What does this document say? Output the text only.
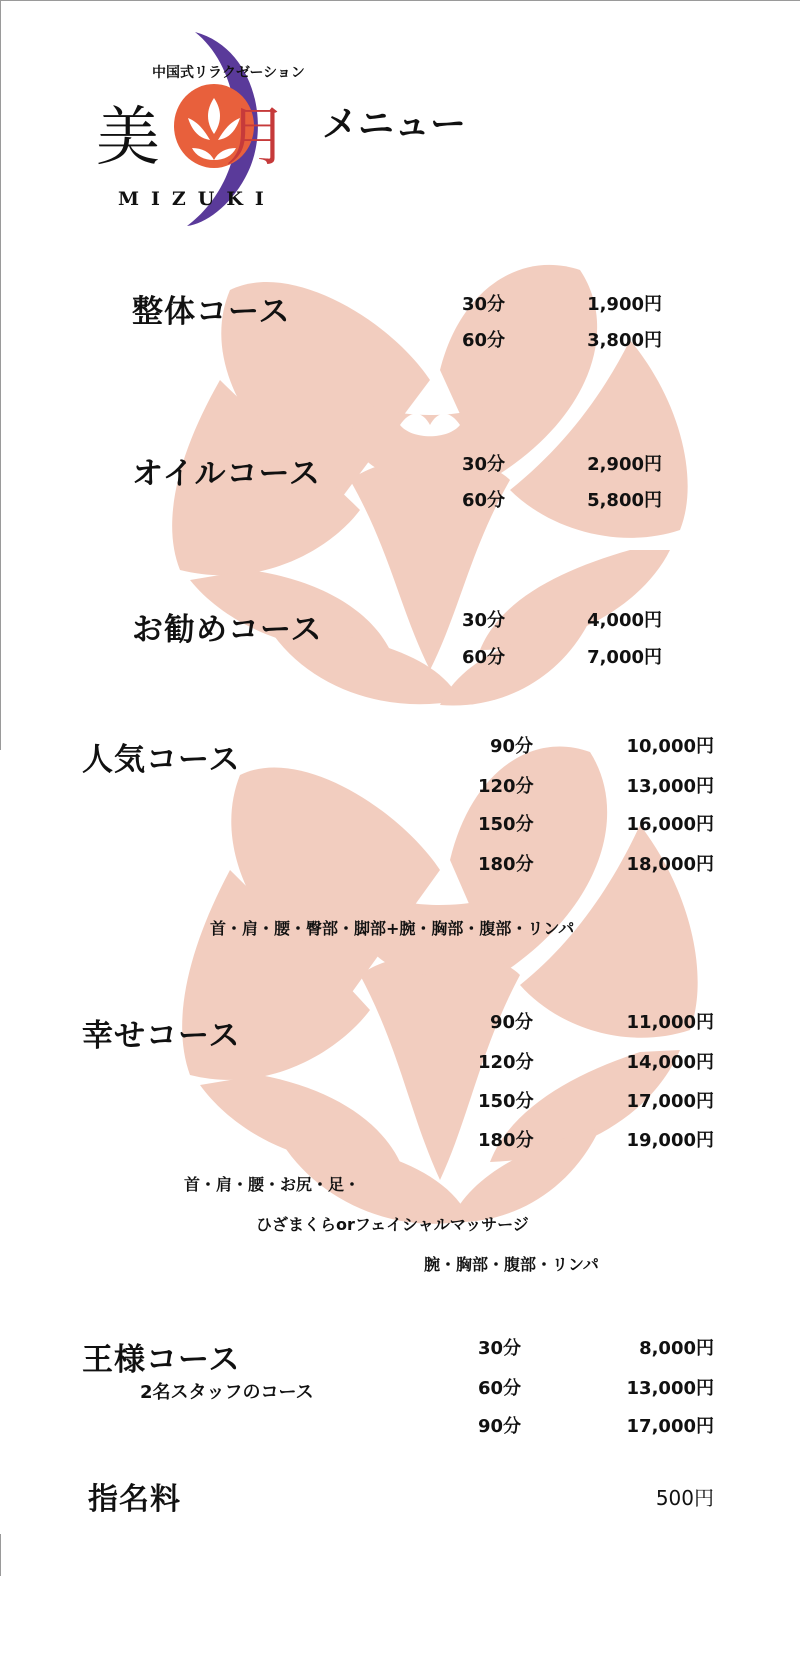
中国式リラクゼーション
美 月
MIZUKI
メニュー
整体コース	30分	1,900円
60分	3,800円
オイルコース	30分	2,900円
60分	5,800円
お勧めコース	30分	4,000円
60分	7,000円
人気コース	90分	10,000円
120分	13,000円
150分	16,000円
180分	18,000円
首・肩・腰・臀部・脚部+腕・胸部・腹部・リンパ
幸せコース	90分	11,000円
120分	14,000円
150分	17,000円
180分	19,000円
首・肩・腰・お尻・足・
ひざまくらorフェイシャルマッサージ
腕・胸部・腹部・リンパ
王様コース
2名スタッフのコース
30分	8,000円
60分	13,000円
90分	17,000円
指名料	500円
